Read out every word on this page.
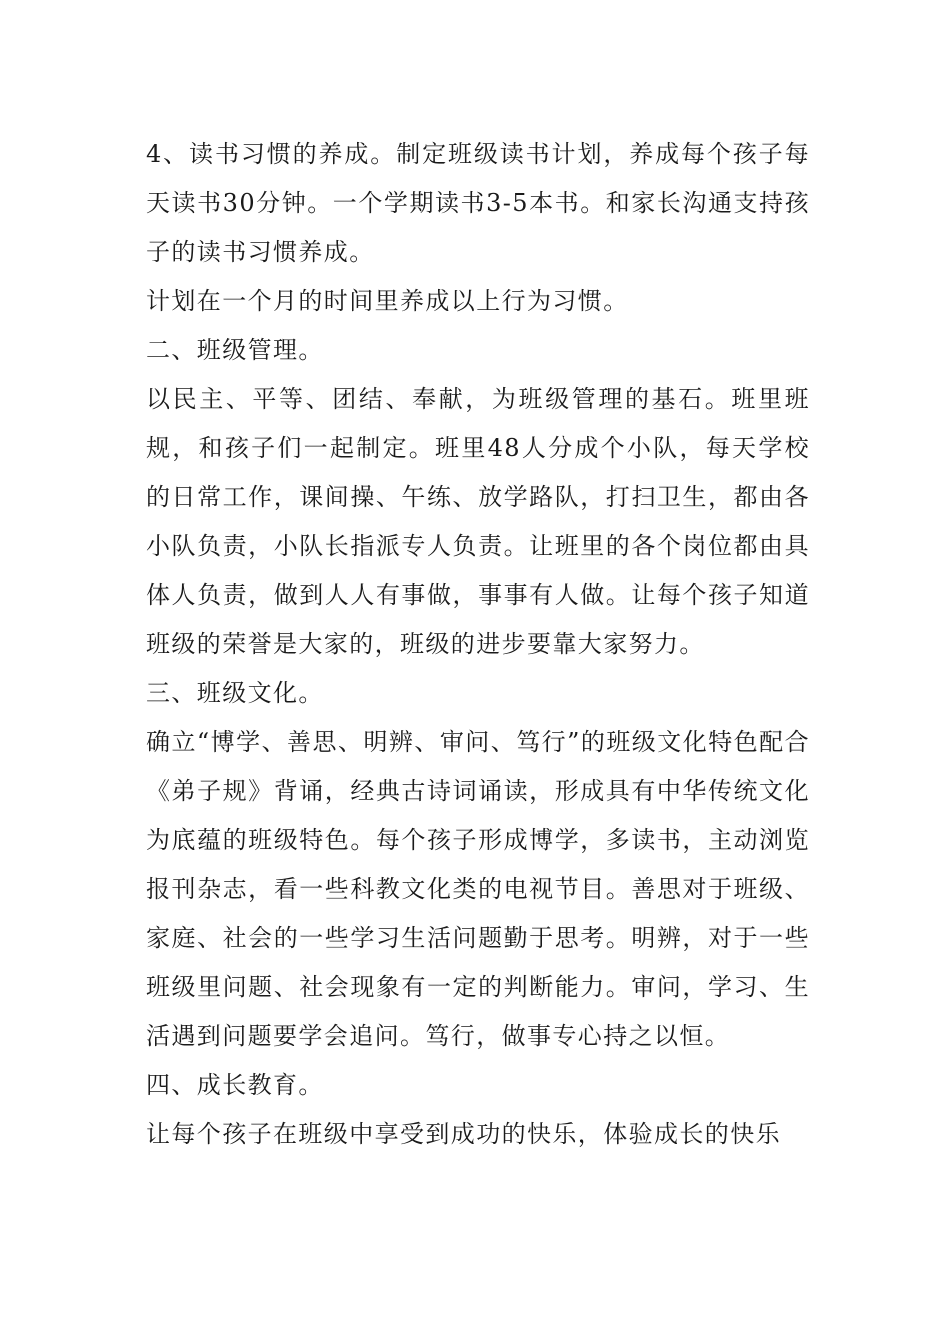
4、读书习惯的养成。制定班级读书计划，养成每个孩子每天读书30分钟。一个学期读书3-5本书。和家长沟通支持孩子的读书习惯养成。

计划在一个月的时间里养成以上行为习惯。

二、班级管理。

以民主、平等、团结、奉献，为班级管理的基石。班里班规，和孩子们一起制定。班里48人分成个小队，每天学校的日常工作，课间操、午练、放学路队，打扫卫生，都由各小队负责，小队长指派专人负责。让班里的各个岗位都由具体人负责，做到人人有事做，事事有人做。让每个孩子知道班级的荣誉是大家的，班级的进步要靠大家努力。

三、班级文化。

确立“博学、善思、明辨、审问、笃行”的班级文化特色配合《弟子规》背诵，经典古诗词诵读，形成具有中华传统文化为底蕴的班级特色。每个孩子形成博学，多读书，主动浏览报刊杂志，看一些科教文化类的电视节目。善思对于班级、家庭、社会的一些学习生活问题勤于思考。明辨，对于一些班级里问题、社会现象有一定的判断能力。审问，学习、生活遇到问题要学会追问。笃行，做事专心持之以恒。

四、成长教育。

让每个孩子在班级中享受到成功的快乐，体验成长的快乐
